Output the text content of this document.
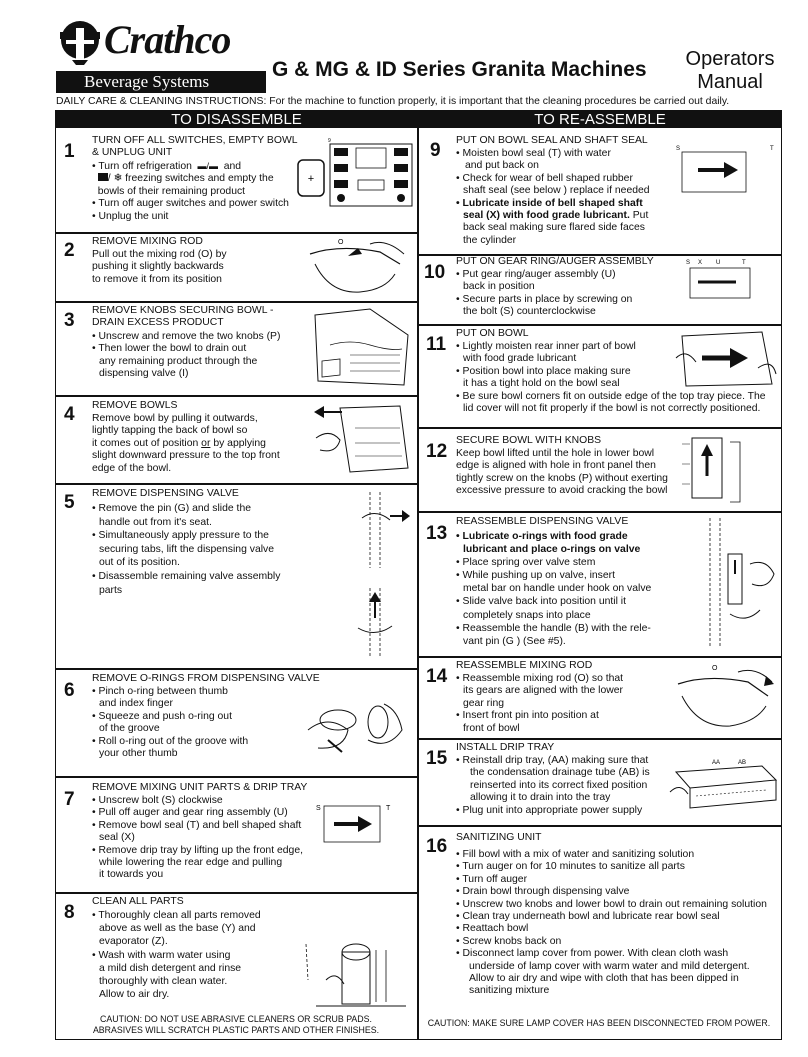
Crathco
Beverage Systems
G & MG & ID Series Granita Machines	Operators
Manual
DAILY CARE & CLEANING INSTRUCTIONS: For the machine to function properly, it is important that the cleaning procedures be carried out daily.
TO DISASSEMBLE	TO RE-ASSEMBLE
1
TURN OFF ALL SWITCHES, EMPTY BOWL
& UNPLUG UNIT
• Turn off refrigeration ▬/▬ and
/ ❄ freezing switches and empty the
bowls of their remaining product
• Turn off auger switches and power switch
• Unplug the unit
+
9
2 REMOVE MIXING ROD
Pull out the mixing rod (O) by
pushing it slightly backwards
to remove it from its position
O
3 REMOVE KNOBS SECURING BOWL -
DRAIN EXCESS PRODUCT
• Unscrew and remove the two knobs (P)
• Then lower the bowl to drain out
any remaining product through the
dispensing valve (I)
4 REMOVE BOWLS
Remove bowl by pulling it outwards,
lightly tapping the back of bowl so
it comes out of position or by applying
slight downward pressure to the top front
edge of the bowl.
5 REMOVE DISPENSING VALVE
• Remove the pin (G) and slide the
handle out from it's seat.
• Simultaneously apply pressure to the
securing tabs, lift the dispensing valve
out of its position.
• Disassemble remaining valve assembly
parts
6
REMOVE O-RINGS FROM DISPENSING VALVE
• Pinch o-ring between thumb
and index finger
• Squeeze and push o-ring out
of the groove
• Roll o-ring out of the groove with
your other thumb
7
REMOVE MIXING UNIT PARTS & DRIP TRAY
• Unscrew bolt (S) clockwise
• Pull off auger and gear ring assembly (U)
• Remove bowl seal (T) and bell shaped shaft
seal (X)
• Remove drip tray by lifting up the front edge,
while lowering the rear edge and pulling
it towards you
S	T
8
CLEAN ALL PARTS
• Thoroughly clean all parts removed
above as well as the base (Y) and
evaporator (Z).
• Wash with warm water using
a mild dish detergent and rinse
thoroughly with clean water.
Allow to air dry.
CAUTION: DO NOT USE ABRASIVE CLEANERS OR SCRUB PADS.
ABRASIVES WILL SCRATCH PLASTIC PARTS AND OTHER FINISHES.
9 PUT ON BOWL SEAL AND SHAFT SEAL
• Moisten bowl seal (T) with water
and put back on
• Check for wear of bell shaped rubber
shaft seal (see below ) replace if needed
• Lubricate inside of bell shaped shaft
seal (X) with food grade lubricant. Put
back seal making sure flared side faces
the cylinder
S	T
10
PUT ON GEAR RING/AUGER ASSEMBLY
• Put gear ring/auger assembly (U)
back in position
• Secure parts in place by screwing on
the bolt (S) counterclockwise
S X U	T
11
PUT ON BOWL
• Lightly moisten rear inner part of bowl
with food grade lubricant
• Position bowl into place making sure
it has a tight hold on the bowl seal
• Be sure bowl corners fit on outside edge of the top tray piece. The
lid cover will not fit properly if the bowl is not correctly positioned.
12
SECURE BOWL WITH KNOBS
Keep bowl lifted until the hole in lower bowl
edge is aligned with hole in front panel then
tightly screw on the knobs (P) without exerting
excessive pressure to avoid cracking the bowl
13
REASSEMBLE DISPENSING VALVE
• Lubricate o-rings with food grade
lubricant and place o-rings on valve
• Place spring over valve stem
• While pushing up on valve, insert
metal bar on handle under hook on valve
• Slide valve back into position until it
completely snaps into place
• Reassemble the handle (B) with the rele-
vant pin (G ) (See #5).
14
REASSEMBLE MIXING ROD
• Reassemble mixing rod (O) so that
its gears are aligned with the lower
gear ring
• Insert front pin into position at
front of bowl
O
15
INSTALL DRIP TRAY
• Reinstall drip tray, (AA) making sure that
the condensation drainage tube (AB) is
reinserted into its correct fixed position
allowing it to drain into the tray
• Plug unit into appropriate power supply
AA	AB
16 SANITIZING UNIT
• Fill bowl with a mix of water and sanitizing solution
• Turn auger on for 10 minutes to sanitize all parts
• Turn off auger
• Drain bowl through dispensing valve
• Unscrew two knobs and lower bowl to drain out remaining solution
• Clean tray underneath bowl and lubricate rear bowl seal
• Reattach bowl
• Screw knobs back on
• Disconnect lamp cover from power. With clean cloth wash
underside of lamp cover with warm water and mild detergent.
Allow to air dry and wipe with cloth that has been dipped in
sanitizing mixture
CAUTION: MAKE SURE LAMP COVER HAS BEEN DISCONNECTED FROM POWER.
